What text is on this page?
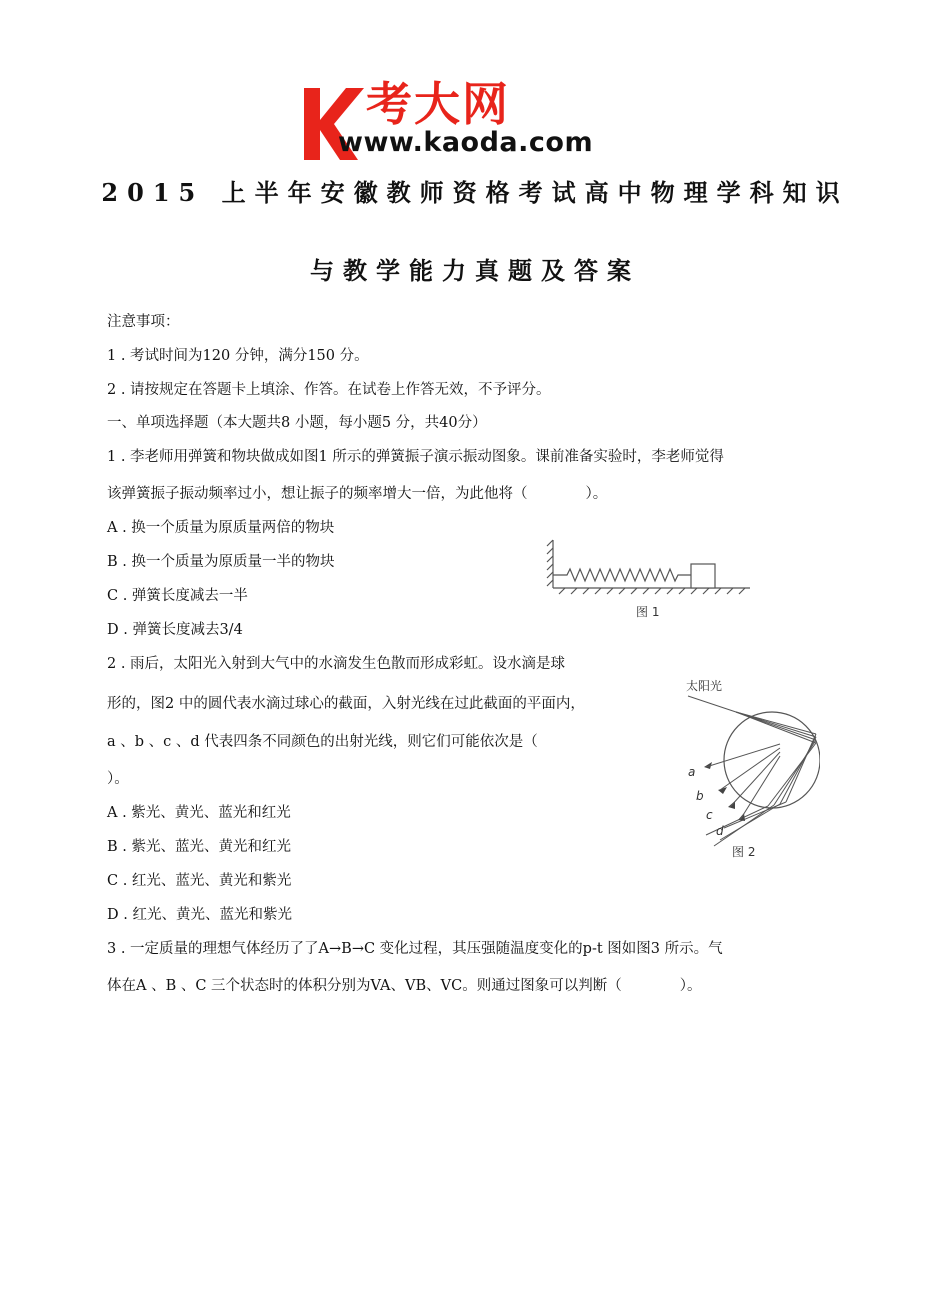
考大网
www.kaoda.com
2015 上半年安徽教师资格考试高中物理学科知识
与教学能力真题及答案
注意事项：
1 . 考试时间为120 分钟，满分150 分。
2 . 请按规定在答题卡上填涂、作答。在试卷上作答无效，不予评分。
一、单项选择题（本大题共8 小题，每小题5 分，共40分）
1 . 李老师用弹簧和物块做成如图1 所示的弹簧振子演示振动图象。课前准备实验时，李老师觉得
该弹簧振子振动频率过小，想让振子的频率增大一倍，为此他将（　　　　）。
A . 换一个质量为原质量两倍的物块
B . 换一个质量为原质量一半的物块
C . 弹簧长度减去一半
D . 弹簧长度减去3/4
图 1
2 . 雨后，太阳光入射到大气中的水滴发生色散而形成彩虹。设水滴是球
形的，图2 中的圆代表水滴过球心的截面，入射光线在过此截面的平面内，
a 、b 、c 、d 代表四条不同颜色的出射光线，则它们可能依次是（
）。
A . 紫光、黄光、蓝光和红光
B . 紫光、蓝光、黄光和红光
C . 红光、蓝光、黄光和紫光
D . 红光、黄光、蓝光和紫光
太阳光
a
b
c
d
图 2
3 . 一定质量的理想气体经历了了A→B→C 变化过程，其压强随温度变化的p-t 图如图3 所示。气
体在A 、B 、C 三个状态时的体积分别为VA、VB、VC。则通过图象可以判断（　　　　）。
